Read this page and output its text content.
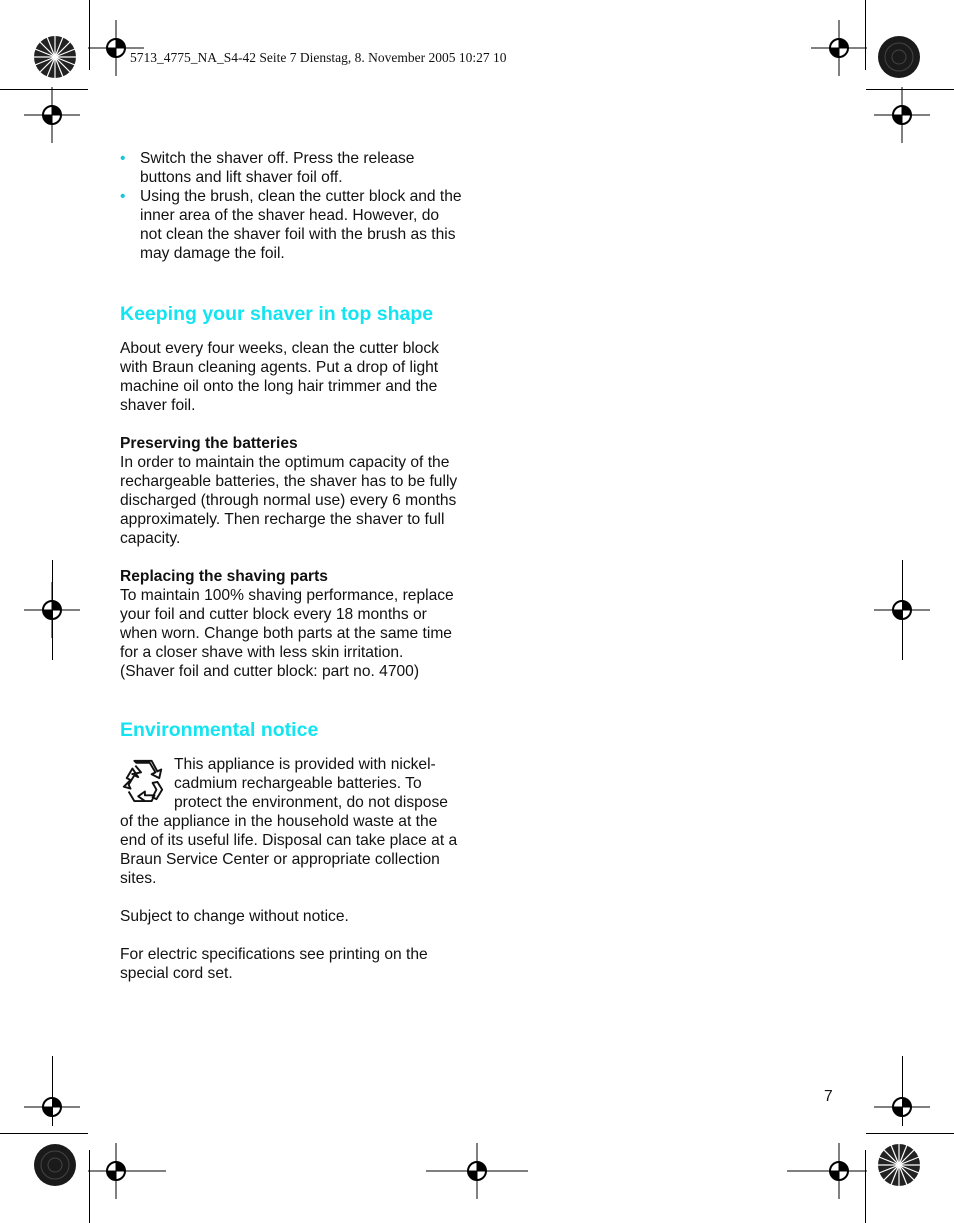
5713_4775_NA_S4-42 Seite 7 Dienstag, 8. November 2005 10:27 10
• Switch the shaver off. Press the release buttons and lift shaver foil off.
• Using the brush, clean the cutter block and the inner area of the shaver head. However, do not clean the shaver foil with the brush as this may damage the foil.
Keeping your shaver in top shape

About every four weeks, clean the cutter block with Braun cleaning agents. Put a drop of light machine oil onto the long hair trimmer and the shaver foil.

Preserving the batteries

In order to maintain the optimum capacity of the rechargeable batteries, the shaver has to be fully discharged (through normal use) every 6 months approximately. Then recharge the shaver to full capacity.

Replacing the shaving parts

To maintain 100% shaving performance, replace your foil and cutter block every 18 months or when worn. Change both parts at the same time for a closer shave with less skin irritation.

(Shaver foil and cutter block: part no. 4700)

Environmental notice

This appliance is provided with nickel-cadmium rechargeable batteries. To protect the environment, do not dispose of the appliance in the household waste at the end of its useful life. Disposal can take place at a Braun Service Center or appropriate collection sites.

Subject to change without notice.

For electric specifications see printing on the special cord set.

7
